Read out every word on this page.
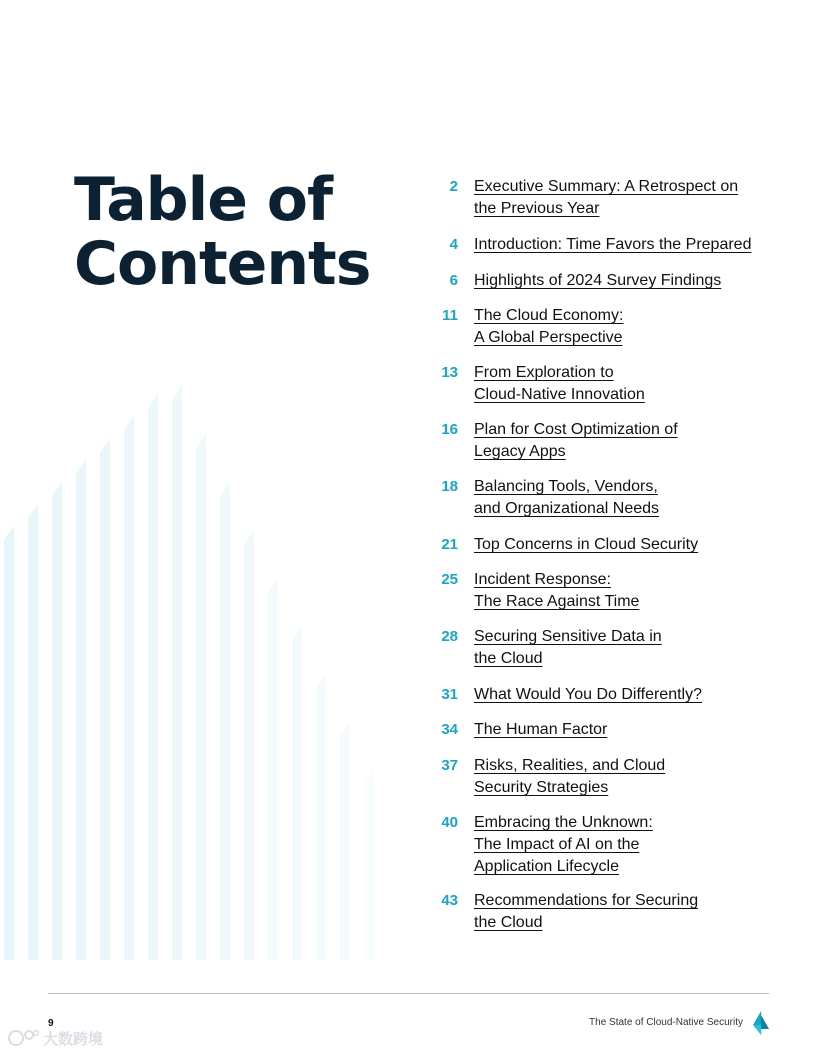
Table of
Contents
2 Executive Summary: A Retrospect on
the Previous Year
4 Introduction: Time Favors the Prepared
6 Highlights of 2024 Survey Findings
11 The Cloud Economy:
A Global Perspective
13 From Exploration to
Cloud-Native Innovation
16 Plan for Cost Optimization of
Legacy Apps
18 Balancing Tools, Vendors,
and Organizational Needs
21 Top Concerns in Cloud Security
25 Incident Response:
The Race Against Time
28 Securing Sensitive Data in
the Cloud
31 What Would You Do Differently?
34 The Human Factor
37 Risks, Realities, and Cloud
Security Strategies
40 Embracing the Unknown:
The Impact of AI on the
Application Lifecycle
43 Recommendations for Securing
the Cloud
9	The State of Cloud-Native Security
大数跨境
